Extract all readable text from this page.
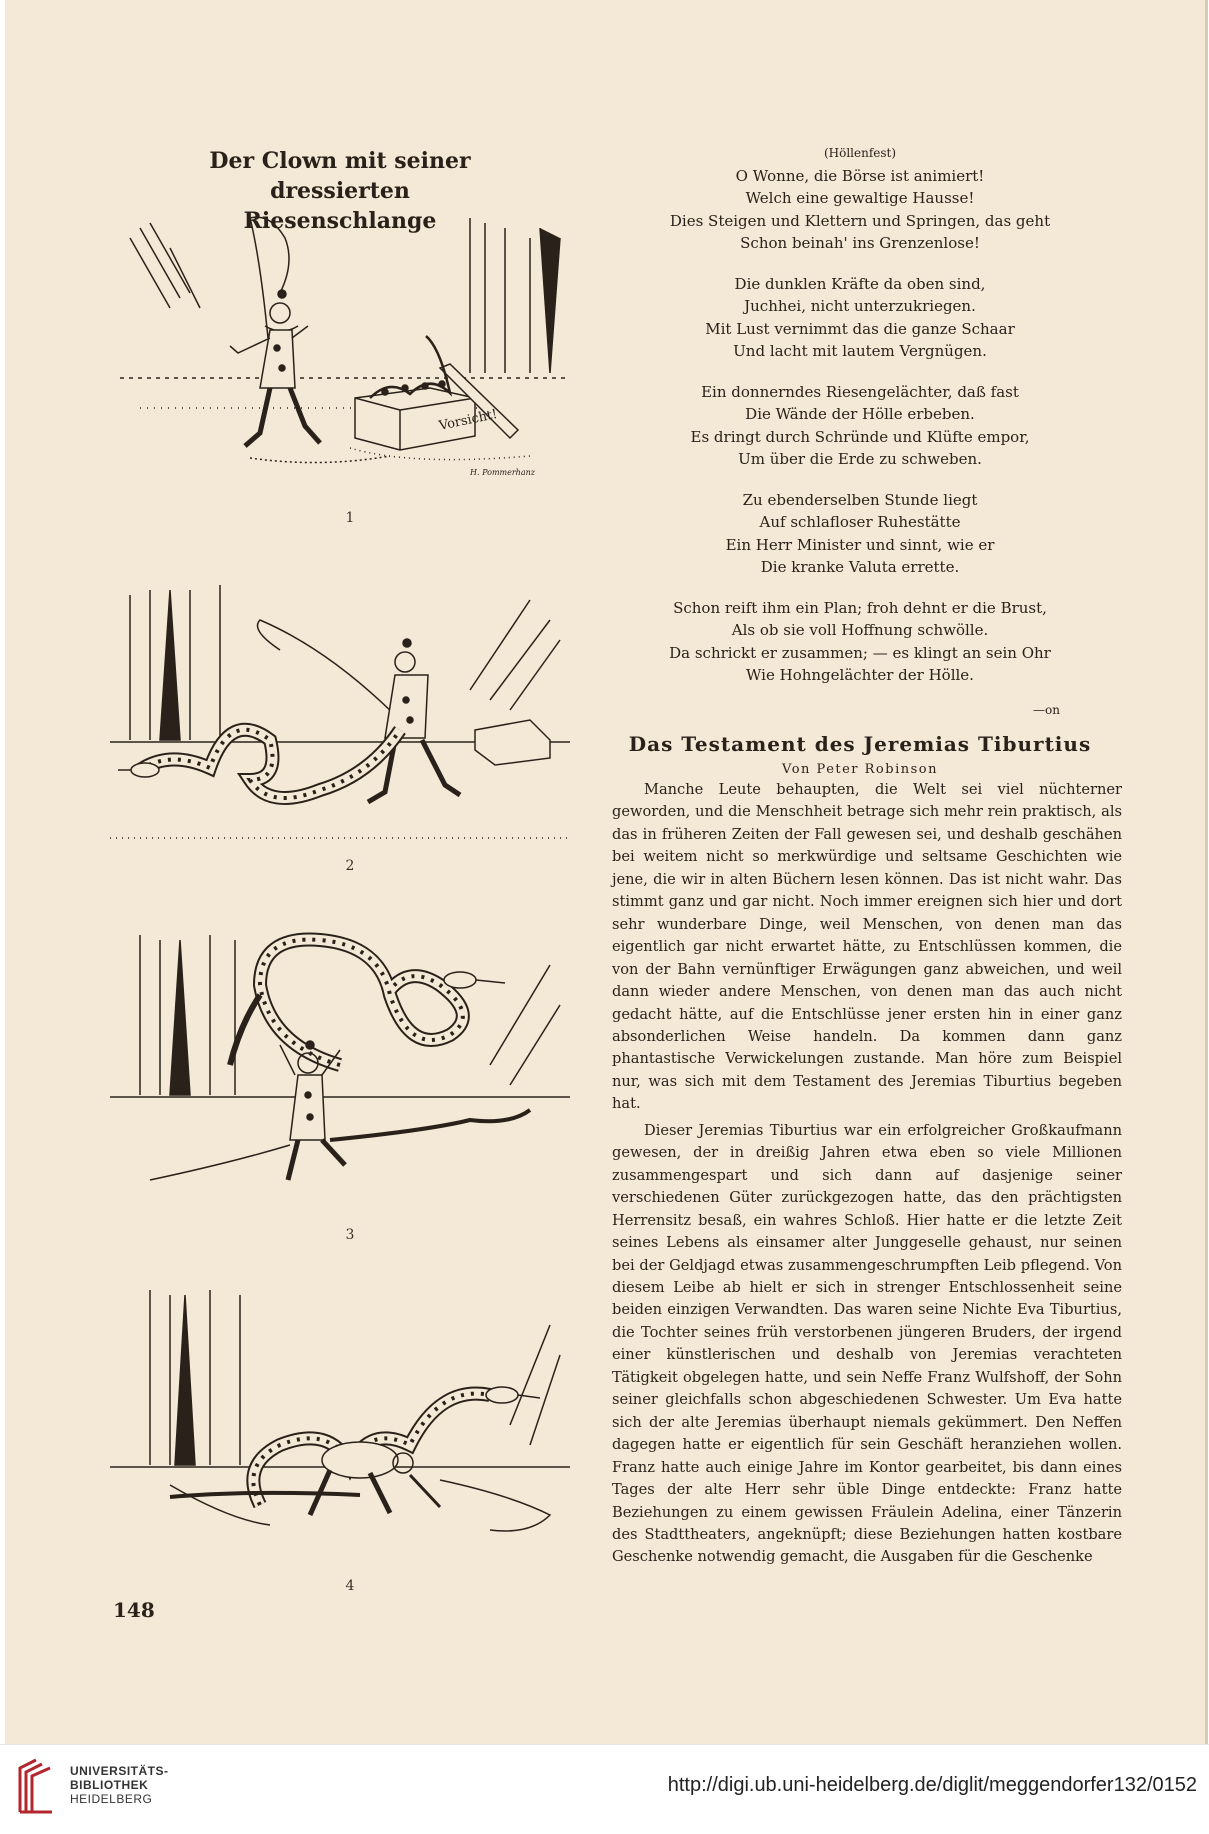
Der Clown mit seiner dressierten
Riesenschlange
Vorsicht!
H. Pommerhanz
1
2
3
4
148
(Höllenfest)
O Wonne, die Börse ist animiert!
Welch eine gewaltige Hausse!
Dies Steigen und Klettern und Springen, das geht
Schon beinah' ins Grenzenlose!
Die dunklen Kräfte da oben sind,
Juchhei, nicht unterzukriegen.
Mit Lust vernimmt das die ganze Schaar
Und lacht mit lautem Vergnügen.
Ein donnerndes Riesengelächter, daß fast
Die Wände der Hölle erbeben.
Es dringt durch Schründe und Klüfte empor,
Um über die Erde zu schweben.
Zu ebenderselben Stunde liegt
Auf schlafloser Ruhestätte
Ein Herr Minister und sinnt, wie er
Die kranke Valuta errette.
Schon reift ihm ein Plan; froh dehnt er die Brust,
Als ob sie voll Hoffnung schwölle.
Da schrickt er zusammen; — es klingt an sein Ohr
Wie Hohngelächter der Hölle.
—on
Das Testament des Jeremias Tiburtius
Von Peter Robinson

Manche Leute behaupten, die Welt sei viel nüchterner geworden, und die Menschheit betrage sich mehr rein praktisch, als das in früheren Zeiten der Fall gewesen sei, und deshalb geschähen bei weitem nicht so merkwürdige und seltsame Geschichten wie jene, die wir in alten Büchern lesen können. Das ist nicht wahr. Das stimmt ganz und gar nicht. Noch immer ereignen sich hier und dort sehr wunderbare Dinge, weil Menschen, von denen man das eigentlich gar nicht erwartet hätte, zu Entschlüssen kommen, die von der Bahn vernünftiger Erwägungen ganz abweichen, und weil dann wieder andere Menschen, von denen man das auch nicht gedacht hätte, auf die Entschlüsse jener ersten hin in einer ganz absonderlichen Weise handeln. Da kommen dann ganz phantastische Verwickelungen zustande. Man höre zum Beispiel nur, was sich mit dem Testament des Jeremias Tiburtius begeben hat.

Dieser Jeremias Tiburtius war ein erfolgreicher Großkaufmann gewesen, der in dreißig Jahren etwa eben so viele Millionen zusammengespart und sich dann auf dasjenige seiner verschiedenen Güter zurückgezogen hatte, das den prächtigsten Herrensitz besaß, ein wahres Schloß. Hier hatte er die letzte Zeit seines Lebens als einsamer alter Junggeselle gehaust, nur seinen bei der Geldjagd etwas zusammengeschrumpften Leib pflegend. Von diesem Leibe ab hielt er sich in strenger Entschlossenheit seine beiden einzigen Verwandten. Das waren seine Nichte Eva Tiburtius, die Tochter seines früh verstorbenen jüngeren Bruders, der irgend einer künstlerischen und deshalb von Jeremias verachteten Tätigkeit obgelegen hatte, und sein Neffe Franz Wulfshoff, der Sohn seiner gleichfalls schon abgeschiedenen Schwester. Um Eva hatte sich der alte Jeremias überhaupt niemals gekümmert. Den Neffen dagegen hatte er eigentlich für sein Geschäft heranziehen wollen. Franz hatte auch einige Jahre im Kontor gearbeitet, bis dann eines Tages der alte Herr sehr üble Dinge entdeckte: Franz hatte Beziehungen zu einem gewissen Fräulein Adelina, einer Tänzerin des Stadttheaters, angeknüpft; diese Beziehungen hatten kostbare Geschenke notwendig gemacht, die Ausgaben für die Geschenke

UNIVERSITÄTS-
BIBLIOTHEK
HEIDELBERG
http://digi.ub.uni-heidelberg.de/diglit/meggendorfer132/0152
